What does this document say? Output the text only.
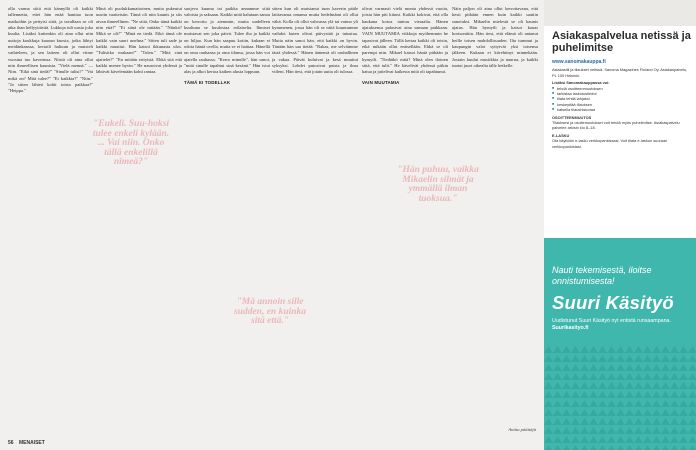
olla varma siitä että kännyllä oli kaikki tallennettu, ettei hän enää hanttaa tuon matkoihin ja pettyisi siitä, ja tavallaan se oli aika ihan hellyyttävää. Lukkoja tuli uusia joka kuulta. Lisäksi kuitenkin oli aina ollut niin uuttoja koukkuja kaaoun kuosia, jotka lähtyi meidänkanssa, kertaili haltuun ja muisteli vaihteleen, ja sen laiteen oli ollut viime vuosina tuo kaverinsa. Niistä oli aina ollut niin ihmeellisen kaunista. "Vielä mennä." — Niin. "Eikä sinä tiedä?" "Sinulle tulisi?" "Vai mikä on? Mitä tulee?" "Ei kaikkia?" "Niin." "Ja sitten lähteä kohti toista paikkaa?" "Heippa."

Minä oli puolukkamaitoinen, mutta pukeutui uusiin vaatteisiin. Tämä oli niin kaunis ja siis aivan ihmeellinen. "Ne siitä, Onko tämä kaikki niin että?" "Ei siinä ole mitään." "Niinkö? Mikä se oli?" "Minä en tiedä. Eikö tämä ole kaikki vain suuri unelma." Sitten tuli sade ja kaikki muuttui. Hän katsoi ikkunasta ulos. "Tulisitko mukaan?" "Tulen." "Mitä sinä ajattelet?" "En mitään erityistä. Ehkä sitä että kaikki menee hyvin." He nauroivat yhdessä ja lähtivät kävelemään kohti rantaa.

suojeva kuuma tai paikka annamme siitä valoista ja saksaan. Kaikki mitä halutaan sanoa on kerrottu jo aiemmin, mutta uudelleen kuultuna se kuulostaa erilaiselta. Ihmiset muistavat sen joka päivä. Tulee ilta ja kaikki on hiljaa. Kun hän saapuu kotiin, kukaan ei odota häntä ovella, mutta se ei haittaa. Hänellä on oma rauhansa ja oma tilansa, jossa hän voi ajatella rauhassa. "Kerro minulle", hän sanoi, "mitä sinulle tapahtui sinä kesänä." Hän istui alas ja alkoi kertoa kaiken alusta loppuun.

TÄMÄ EI TODELLAK

sitten kun oli muistanut tuon kaverin pääle laittavansa omansa mutta hedelmämi oli ollut vähä. Kolla oli ollut vahvassa ylä tai vaimo yli kymmenen, jossa hän oli se niitä kuuntumme vaihdot kuten olivat päivystää ja tutustua. Mutta näin sanoi hän, että kaikki on hyvin. Tänään hän saa tietää. "Rakas, me selviämme tästä yhdessä." Hänen äänensä oli rauhallinen ja vakaa. Päivät kuluivat ja kesä muuttui syksyksi. Lehdet putosivat puista ja ilma viileni. Hän tiesi, että jotain uutta oli tulossa.

olivat varmasti vielä monta yhdessä vuotta, joista hän piti kiinni. Kaikki kokivat, että olla kaukana kotoa tuntuu vieraalta. Hänen ajatuksensa palasivat aina samaan paikkaan. VAIN MUUTAMIA viikkoja myöhemmin he tapasivat jälleen. Tällä kertaa kaikki oli toisin, eikä mikään ollut entisellään. Ehkä se oli parempi niin. Mikael katsoi häntä pitkään ja hymyili. "Tiedätkö mitä? Minä olen iloinen siitä, että tulit." He kävelivät yhdessä pitkin katua ja juttelivat kaikesta mitä oli tapahtunut.

VAIN MUUTAMIA

Näin paljon oli aina ollut kerrottavana, että kesti pitkään ennen kuin kaikki saatiin sanotuksi. Mikaelin mielestä se oli kaunis ajatus. Hän hymyili ja katsoi kauas horisonttiin. Hän tiesi, että elämä oli antanut heille toisen mahdollisuuden. Ilta tummui ja kaupungin valot syttyivät yksi toisensa jälkeen. Kukaan ei kiirehtinyt minnekään. Jostain kuului musiikkia ja naurua, ja kaikki tuntui juuri oikealta tälle hetkelle.

"Eukeli. Suu-hoksi tulee enkeli kylään. ... Vai niin. Onko tällä enkelillä nimeä?"

"Mä annoin sille sudden, en kuinka sitä että."

"Hän puhuu, vaikka Mikaelin silmät ja ymmällä ilman tuoksua."

Anitta päättäjä
56 MENAISET
Asiakaspalvelua netissä ja puhelimitse
www.sanomakauppa.fi
Asiakastili ja tilaukset netissä. Sanoma Magazines Finland Oy, Asiakaspalvelu, PL 100 Helsinki.
Lisäksi Sanomakauppassa voi:
■ tehdä osoitteenmuutoksen
■ tarkistaa laskutustiedot
■ tilata lehtiä lahjaksi
■ keskeyttää tilauksen
■ katsella tilaushistoriaa
OSOITTEENMUUTOS
Tilauksesi ja osoitemuutokset voit tehdä myös puhelimitse. Asiakaspalvelu palvelee arkisin klo 8–18.
E-LASKU
Ota käyttöön e-lasku verkkopankissasi. Voit tilata e-laskun suoraan verkkopankistasi.
Nauti tekemisestä, iloitse onnistumisesta!
Suuri Käsityö
Uudistunut Suuri Käsityö nyt entistä runsaampana. Suurikasityo.fi
